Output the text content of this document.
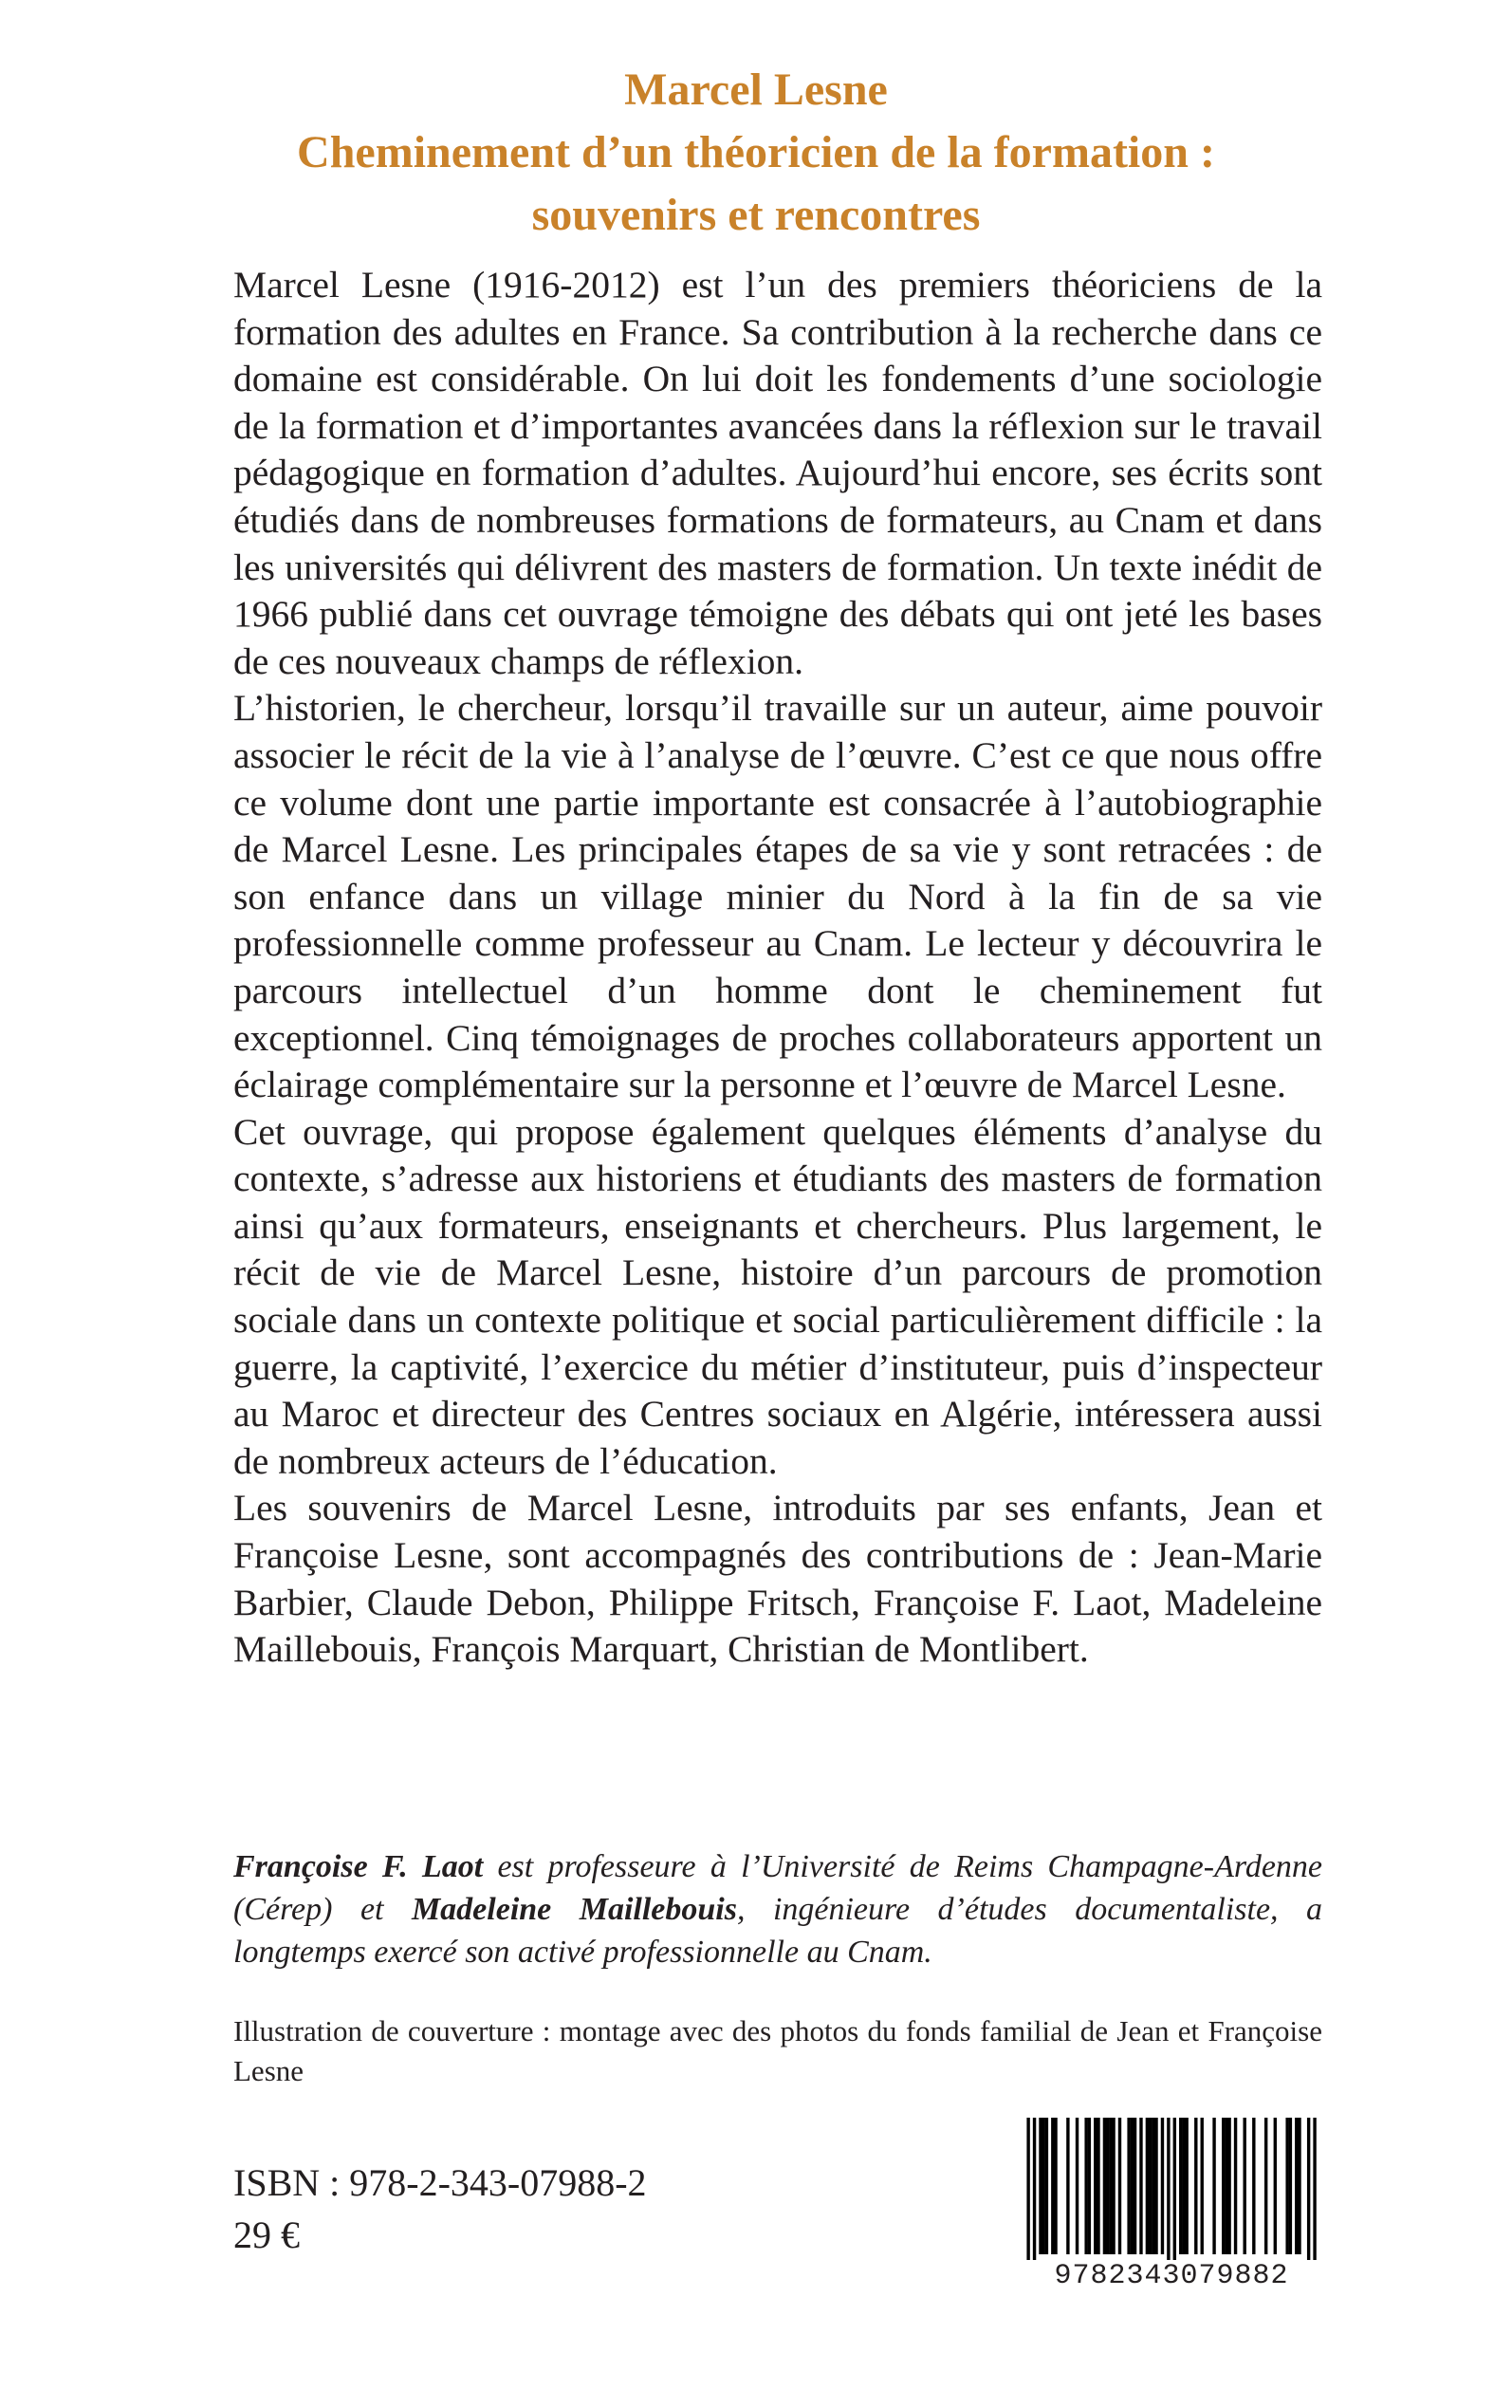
Marcel Lesne
Cheminement d’un théoricien de la formation :
souvenirs et rencontres

Marcel Lesne (1916-2012) est l’un des premiers théoriciens de la formation des adultes en France. Sa contribution à la recherche dans ce domaine est considérable. On lui doit les fondements d’une sociologie de la formation et d’importantes avancées dans la réflexion sur le travail pédagogique en formation d’adultes. Aujourd’hui encore, ses écrits sont étudiés dans de nombreuses formations de formateurs, au Cnam et dans les universités qui délivrent des masters de formation. Un texte inédit de 1966 publié dans cet ouvrage témoigne des débats qui ont jeté les bases de ces nouveaux champs de réflexion.

L’historien, le chercheur, lorsqu’il travaille sur un auteur, aime pouvoir associer le récit de la vie à l’analyse de l’œuvre. C’est ce que nous offre ce volume dont une partie importante est consacrée à l’autobiographie de Marcel Lesne. Les principales étapes de sa vie y sont retracées : de son enfance dans un village minier du Nord à la fin de sa vie professionnelle comme professeur au Cnam. Le lecteur y découvrira le parcours intellectuel d’un homme dont le cheminement fut exceptionnel. Cinq témoignages de proches collaborateurs apportent un éclairage complémentaire sur la personne et l’œuvre de Marcel Lesne.

Cet ouvrage, qui propose également quelques éléments d’analyse du contexte, s’adresse aux historiens et étudiants des masters de formation ainsi qu’aux formateurs, enseignants et chercheurs. Plus largement, le récit de vie de Marcel Lesne, histoire d’un parcours de promotion sociale dans un contexte politique et social particulièrement difficile : la guerre, la captivité, l’exercice du métier d’instituteur, puis d’inspecteur au Maroc et directeur des Centres sociaux en Algérie, intéressera aussi de nombreux acteurs de l’éducation.

Les souvenirs de Marcel Lesne, introduits par ses enfants, Jean et Françoise Lesne, sont accompagnés des contributions de : Jean-Marie Barbier, Claude Debon, Philippe Fritsch, Françoise F. Laot, Madeleine Maillebouis, François Marquart, Christian de Montlibert.

Françoise F. Laot est professeure à l’Université de Reims Champagne-Ardenne (Cérep) et Madeleine Maillebouis, ingénieure d’études documentaliste, a longtemps exercé son activé professionnelle au Cnam.
Illustration de couverture : montage avec des photos du fonds familial de Jean et Françoise Lesne
ISBN : 978-2-343-07988-2
29 €
9782343079882
